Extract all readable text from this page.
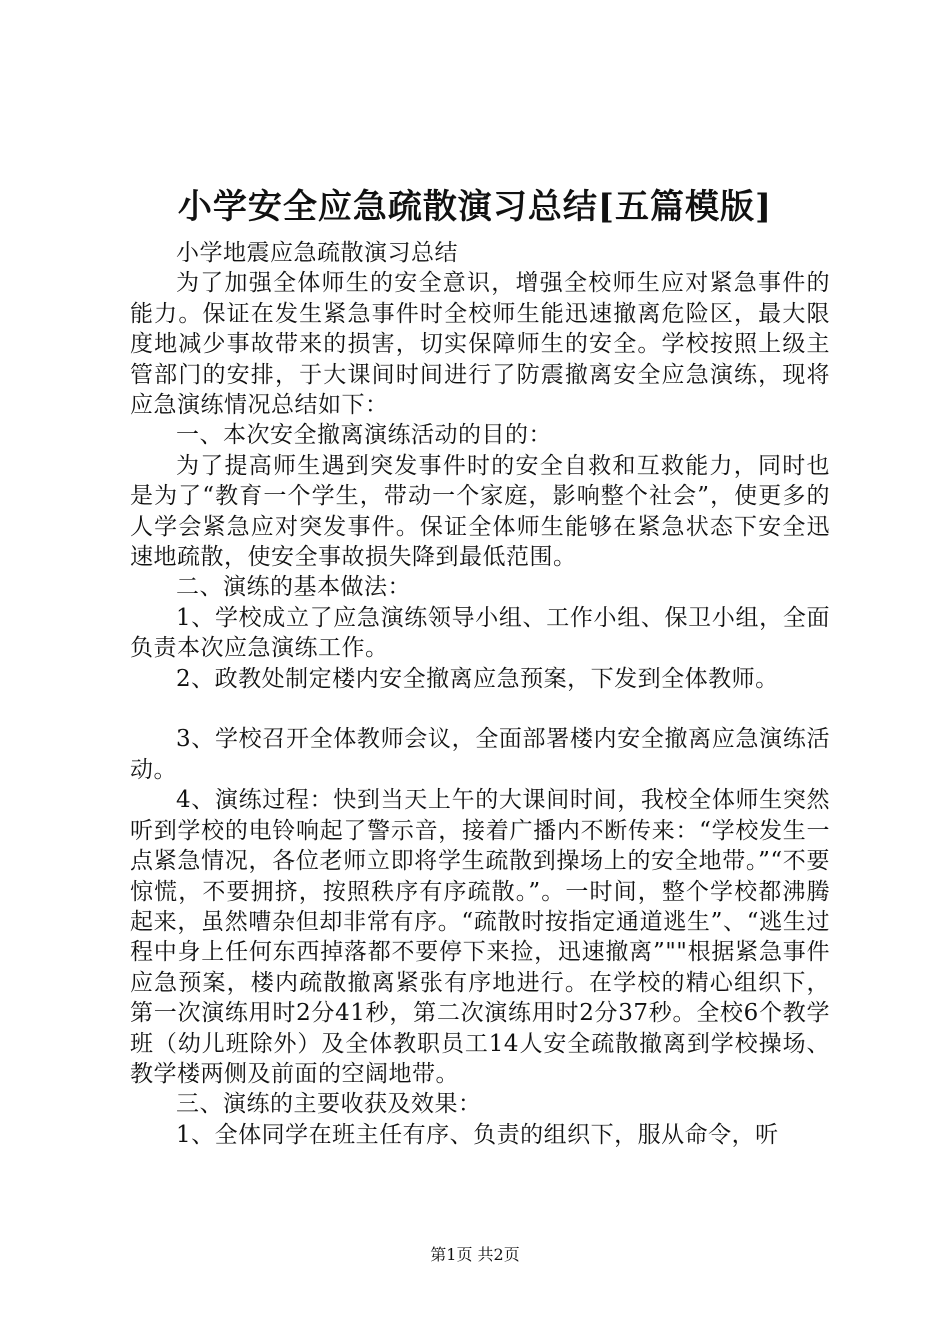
小学安全应急疏散演习总结[五篇模版]

小学地震应急疏散演习总结

为了加强全体师生的安全意识，增强全校师生应对紧急事件的能力。保证在发生紧急事件时全校师生能迅速撤离危险区，最大限度地减少事故带来的损害，切实保障师生的安全。学校按照上级主管部门的安排，于大课间时间进行了防震撤离安全应急演练，现将应急演练情况总结如下：

一、本次安全撤离演练活动的目的：

为了提高师生遇到突发事件时的安全自救和互救能力，同时也是为了“教育一个学生，带动一个家庭，影响整个社会”，使更多的人学会紧急应对突发事件。保证全体师生能够在紧急状态下安全迅速地疏散，使安全事故损失降到最低范围。

二、演练的基本做法：

1、学校成立了应急演练领导小组、工作小组、保卫小组，全面负责本次应急演练工作。

2、政教处制定楼内安全撤离应急预案，下发到全体教师。

3、学校召开全体教师会议，全面部署楼内安全撤离应急演练活动。

4、演练过程：快到当天上午的大课间时间，我校全体师生突然听到学校的电铃响起了警示音，接着广播内不断传来：“学校发生一点紧急情况，各位老师立即将学生疏散到操场上的安全地带。”“不要惊慌，不要拥挤，按照秩序有序疏散。”。一时间，整个学校都沸腾起来，虽然嘈杂但却非常有序。“疏散时按指定通道逃生”、“逃生过程中身上任何东西掉落都不要停下来捡，迅速撤离”""根据紧急事件应急预案，楼内疏散撤离紧张有序地进行。在学校的精心组织下，第一次演练用时2分41秒，第二次演练用时2分37秒。全校6个教学班（幼儿班除外）及全体教职员工14人安全疏散撤离到学校操场、教学楼两侧及前面的空阔地带。

三、演练的主要收获及效果：

1、全体同学在班主任有序、负责的组织下，服从命令，听

第1页 共2页
